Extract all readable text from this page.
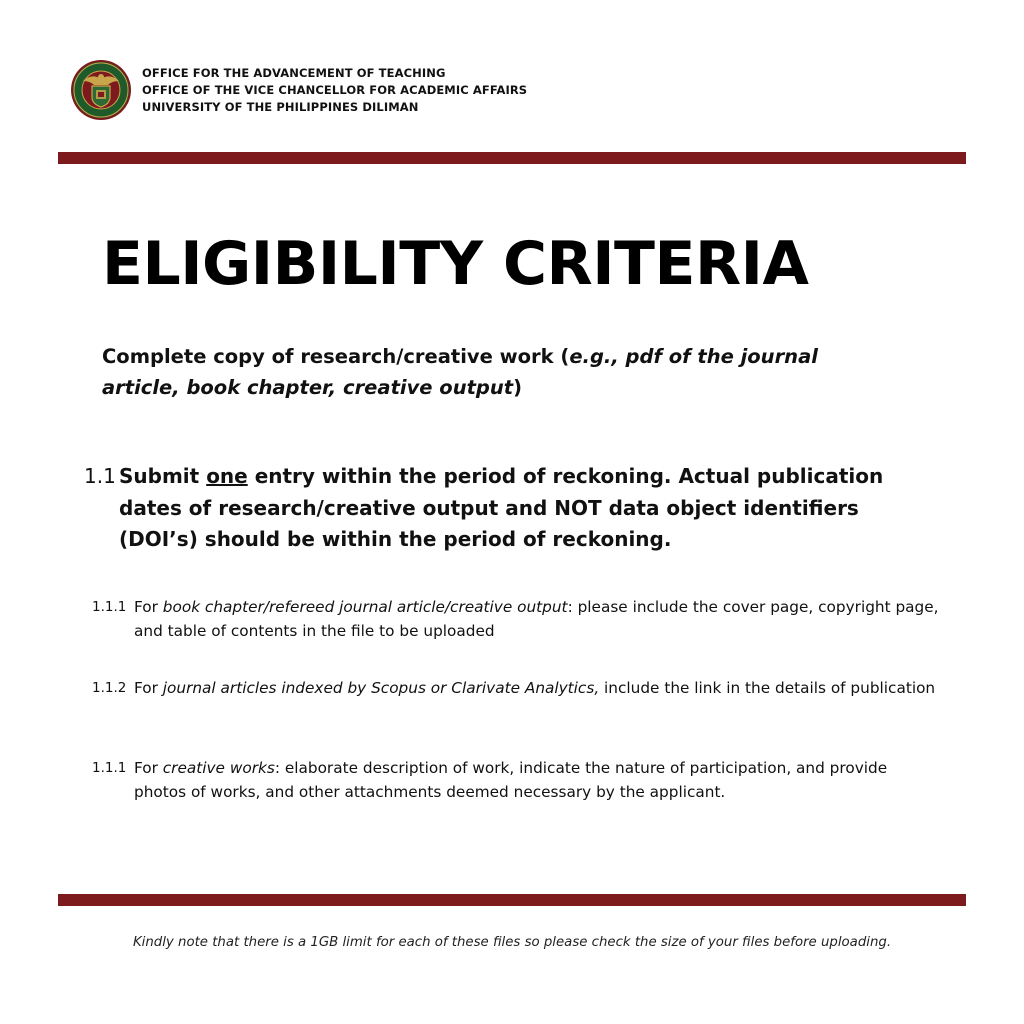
OFFICE FOR THE ADVANCEMENT OF TEACHING
OFFICE OF THE VICE CHANCELLOR FOR ACADEMIC AFFAIRS
UNIVERSITY OF THE PHILIPPINES DILIMAN
ELIGIBILITY CRITERIA

Complete copy of research/creative work (e.g., pdf of the journal article, book chapter, creative output)

1.1 Submit one entry within the period of reckoning. Actual publication dates of research/creative output and NOT data object identifiers (DOI’s) should be within the period of reckoning.
1.1.1 For book chapter/refereed journal article/creative output: please include the cover page, copyright page, and table of contents in the file to be uploaded
1.1.2 For journal articles indexed by Scopus or Clarivate Analytics, include the link in the details of publication
1.1.1 For creative works: elaborate description of work, indicate the nature of participation, and provide photos of works, and other attachments deemed necessary by the applicant.

Kindly note that there is a 1GB limit for each of these files so please check the size of your files before uploading.
